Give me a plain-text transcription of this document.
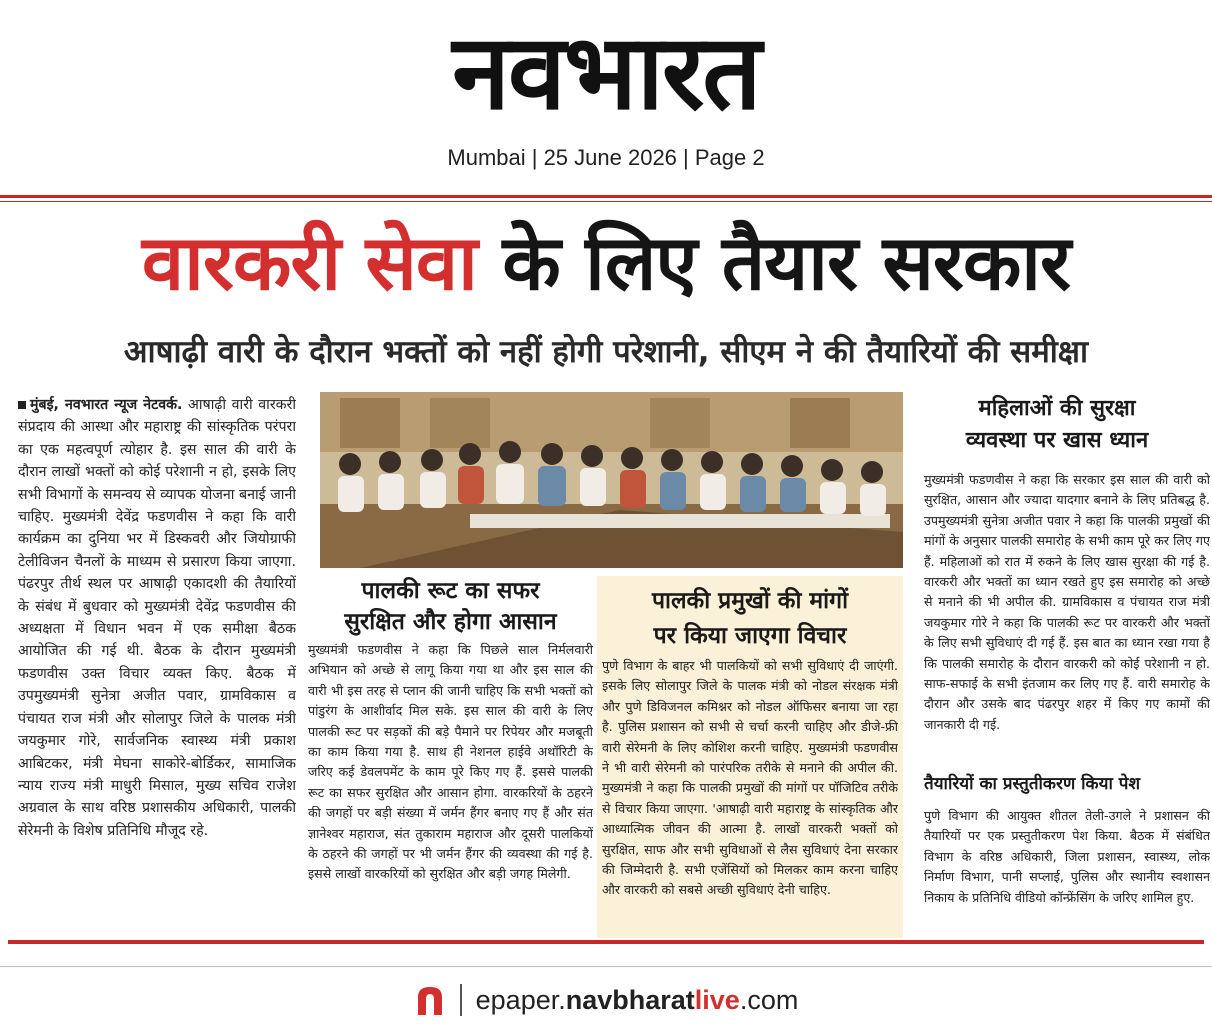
नवभारत
Mumbai | 25 June 2026 | Page 2
वारकरी सेवा के लिए तैयार सरकार
आषाढ़ी वारी के दौरान भक्तों को नहीं होगी परेशानी, सीएम ने की तैयारियों की समीक्षा
मुंबई, नवभारत न्यूज नेटवर्क. आषाढ़ी वारी वारकरी संप्रदाय की आस्था और महाराष्ट्र की सांस्कृतिक परंपरा का एक महत्वपूर्ण त्योहार है. इस साल की वारी के दौरान लाखों भक्तों को कोई परेशानी न हो, इसके लिए सभी विभागों के समन्वय से व्यापक योजना बनाई जानी चाहिए. मुख्यमंत्री देवेंद्र फडणवीस ने कहा कि वारी कार्यक्रम का दुनिया भर में डिस्कवरी और जियोग्राफी टेलीविजन चैनलों के माध्यम से प्रसारण किया जाएगा. पंढरपुर तीर्थ स्थल पर आषाढ़ी एकादशी की तैयारियों के संबंध में बुधवार को मुख्यमंत्री देवेंद्र फडणवीस की अध्यक्षता में विधान भवन में एक समीक्षा बैठक आयोजित की गई थी. बैठक के दौरान मुख्यमंत्री फडणवीस उक्त विचार व्यक्त किए. बैठक में उपमुख्यमंत्री सुनेत्रा अजीत पवार, ग्रामविकास व पंचायत राज मंत्री और सोलापुर जिले के पालक मंत्री जयकुमार गोरे, सार्वजनिक स्वास्थ्य मंत्री प्रकाश आबिटकर, मंत्री मेघना साकोरे-बोर्डिकर, सामाजिक न्याय राज्य मंत्री माधुरी मिसाल, मुख्य सचिव राजेश अग्रवाल के साथ वरिष्ठ प्रशासकीय अधिकारी, पालकी सेरेमनी के विशेष प्रतिनिधि मौजूद रहे.
पालकी रूट का सफर
सुरक्षित और होगा आसान
मुख्यमंत्री फडणवीस ने कहा कि पिछले साल निर्मलवारी अभियान को अच्छे से लागू किया गया था और इस साल की वारी भी इस तरह से प्लान की जानी चाहिए कि सभी भक्तों को पांडुरंग के आशीर्वाद मिल सके. इस साल की वारी के लिए पालकी रूट पर सड़कों की बड़े पैमाने पर रिपेयर और मजबूती का काम किया गया है. साथ ही नेशनल हाईवे अथॉरिटी के जरिए कई डेवलपमेंट के काम पूरे किए गए हैं. इससे पालकी रूट का सफर सुरक्षित और आसान होगा. वारकरियों के ठहरने की जगहों पर बड़ी संख्या में जर्मन हैंगर बनाए गए हैं और संत ज्ञानेश्वर महाराज, संत तुकाराम महाराज और दूसरी पालकियों के ठहरने की जगहों पर भी जर्मन हैंगर की व्यवस्था की गई है. इससे लाखों वारकरियों को सुरक्षित और बड़ी जगह मिलेगी.
पालकी प्रमुखों की मांगों
पर किया जाएगा विचार
पुणे विभाग के बाहर भी पालकियों को सभी सुविधाएं दी जाएंगी. इसके लिए सोलापुर जिले के पालक मंत्री को नोडल संरक्षक मंत्री और पुणे डिविजनल कमिश्नर को नोडल ऑफिसर बनाया जा रहा है. पुलिस प्रशासन को सभी से चर्चा करनी चाहिए और डीजे-फ्री वारी सेरेमनी के लिए कोशिश करनी चाहिए. मुख्यमंत्री फडणवीस ने भी वारी सेरेमनी को पारंपरिक तरीके से मनाने की अपील की. मुख्यमंत्री ने कहा कि पालकी प्रमुखों की मांगों पर पॉजिटिव तरीके से विचार किया जाएगा. 'आषाढ़ी वारी महाराष्ट्र के सांस्कृतिक और आध्यात्मिक जीवन की आत्मा है. लाखों वारकरी भक्तों को सुरक्षित, साफ और सभी सुविधाओं से लैस सुविधाएं देना सरकार की जिम्मेदारी है. सभी एजेंसियों को मिलकर काम करना चाहिए और वारकरी को सबसे अच्छी सुविधाएं देनी चाहिए.
महिलाओं की सुरक्षा
व्यवस्था पर खास ध्यान
मुख्यमंत्री फडणवीस ने कहा कि सरकार इस साल की वारी को सुरक्षित, आसान और ज्यादा यादगार बनाने के लिए प्रतिबद्ध है. उपमुख्यमंत्री सुनेत्रा अजीत पवार ने कहा कि पालकी प्रमुखों की मांगों के अनुसार पालकी समारोह के सभी काम पूरे कर लिए गए हैं. महिलाओं को रात में रुकने के लिए खास सुरक्षा की गई है. वारकरी और भक्तों का ध्यान रखते हुए इस समारोह को अच्छे से मनाने की भी अपील की. ग्रामविकास व पंचायत राज मंत्री जयकुमार गोरे ने कहा कि पालकी रूट पर वारकरी और भक्तों के लिए सभी सुविधाएं दी गई हैं. इस बात का ध्यान रखा गया है कि पालकी समारोह के दौरान वारकरी को कोई परेशानी न हो. साफ-सफाई के सभी इंतजाम कर लिए गए हैं. वारी समारोह के दौरान और उसके बाद पंढरपुर शहर में किए गए कामों की जानकारी दी गई.
तैयारियों का प्रस्तुतीकरण किया पेश
पुणे विभाग की आयुक्त शीतल तेली-उगले ने प्रशासन की तैयारियों पर एक प्रस्तुतीकरण पेश किया. बैठक में संबंधित विभाग के वरिष्ठ अधिकारी, जिला प्रशासन, स्वास्थ्य, लोक निर्माण विभाग, पानी सप्लाई, पुलिस और स्थानीय स्वशासन निकाय के प्रतिनिधि वीडियो कॉन्फ्रेंसिंग के जरिए शामिल हुए.
epaper.navbharatlive.com
